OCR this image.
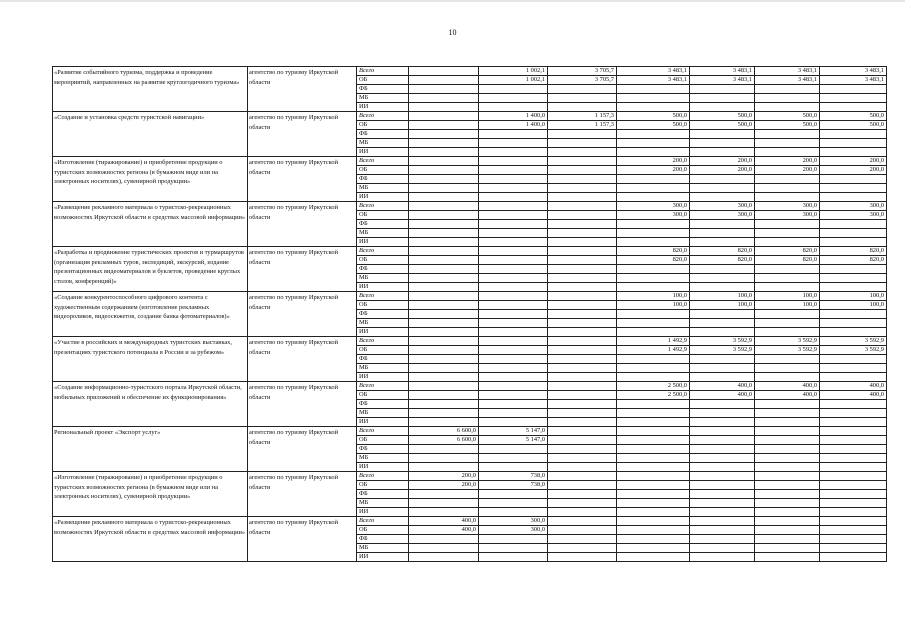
10
«Развитие событийного туризма, поддержка и проведение мероприятий, направленных на развитие круглогодичного туризма»	агентство по туризму Иркутской области	Всего		1 002,1	3 705,7	3 483,1	3 483,1	3 483,1	3 483,1
		ОБ		1 002,1	3 705,7	3 483,1	3 483,1	3 483,1	3 483,1
		ФБ							
		МБ							
		ИИ							
«Создание и установка средств туристской навигации»	агентство по туризму Иркутской области	Всего		1 400,0	1 157,3	500,0	500,0	500,0	500,0
		ОБ		1 400,0	1 157,3	500,0	500,0	500,0	500,0
		ФБ							
		МБ							
		ИИ							
«Изготовление (тиражирование) и приобретение продукции о туристских возможностях региона (в бумажном виде или на электронных носителях), сувенирной продукции»	агентство по туризму Иркутской области	Всего				200,0	200,0	200,0	200,0
		ОБ				200,0	200,0	200,0	200,0
		ФБ							
		МБ							
		ИИ							
«Размещение рекламного материала о туристско-рекреационных возможностях Иркутской области в средствах массовой информации»	агентство по туризму Иркутской области	Всего				300,0	300,0	300,0	300,0
		ОБ				300,0	300,0	300,0	300,0
		ФБ							
		МБ							
		ИИ							
«Разработка и продвижение туристических проектов и турмаршрутов (организация рекламных туров, экспедиций, экскурсий, издание презентационных видеоматериалов и буклетов, проведение круглых столов, конференций)»	агентство по туризму Иркутской области	Всего				820,0	820,0	820,0	820,0
		ОБ				820,0	820,0	820,0	820,0
		ФБ							
		МБ							
		ИИ							
«Создание конкурентоспособного цифрового контента с художественным содержанием (изготовление рекламных видеороликов, видеосюжетов, создание банка фотоматериалов)»	агентство по туризму Иркутской области	Всего				100,0	100,0	100,0	100,0
		ОБ				100,0	100,0	100,0	100,0
		ФБ							
		МБ							
		ИИ							
«Участие в российских и международных туристских выставках, презентациях туристского потенциала в России и за рубежом»	агентство по туризму Иркутской области	Всего				1 492,9	3 592,9	3 592,9	3 592,9
		ОБ				1 492,9	3 592,9	3 592,9	3 592,9
		ФБ							
		МБ							
		ИИ							
«Создание информационно-туристского портала Иркутской области, мобильных приложений и обеспечение их функционирования»	агентство по туризму Иркутской области	Всего				2 500,0	400,0	400,0	400,0
		ОБ				2 500,0	400,0	400,0	400,0
		ФБ							
		МБ							
		ИИ							
Региональный проект «Экспорт услуг»	агентство по туризму Иркутской области	Всего	6 600,0	5 147,0					
		ОБ	6 600,0	5 147,0					
		ФБ							
		МБ							
		ИИ							
«Изготовление (тиражирование) и приобретение продукции о туристских возможностях региона (в бумажном виде или на электронных носителях), сувенирной продукции»	агентство по туризму Иркутской области	Всего	200,0	738,0					
		ОБ	200,0	738,0					
		ФБ							
		МБ							
		ИИ							
«Размещение рекламного материала о туристско-рекреационных возможностях Иркутской области в средствах массовой информации»	агентство по туризму Иркутской области	Всего	400,0	300,0					
		ОБ	400,0	300,0					
		ФБ							
		МБ							
		ИИ							
